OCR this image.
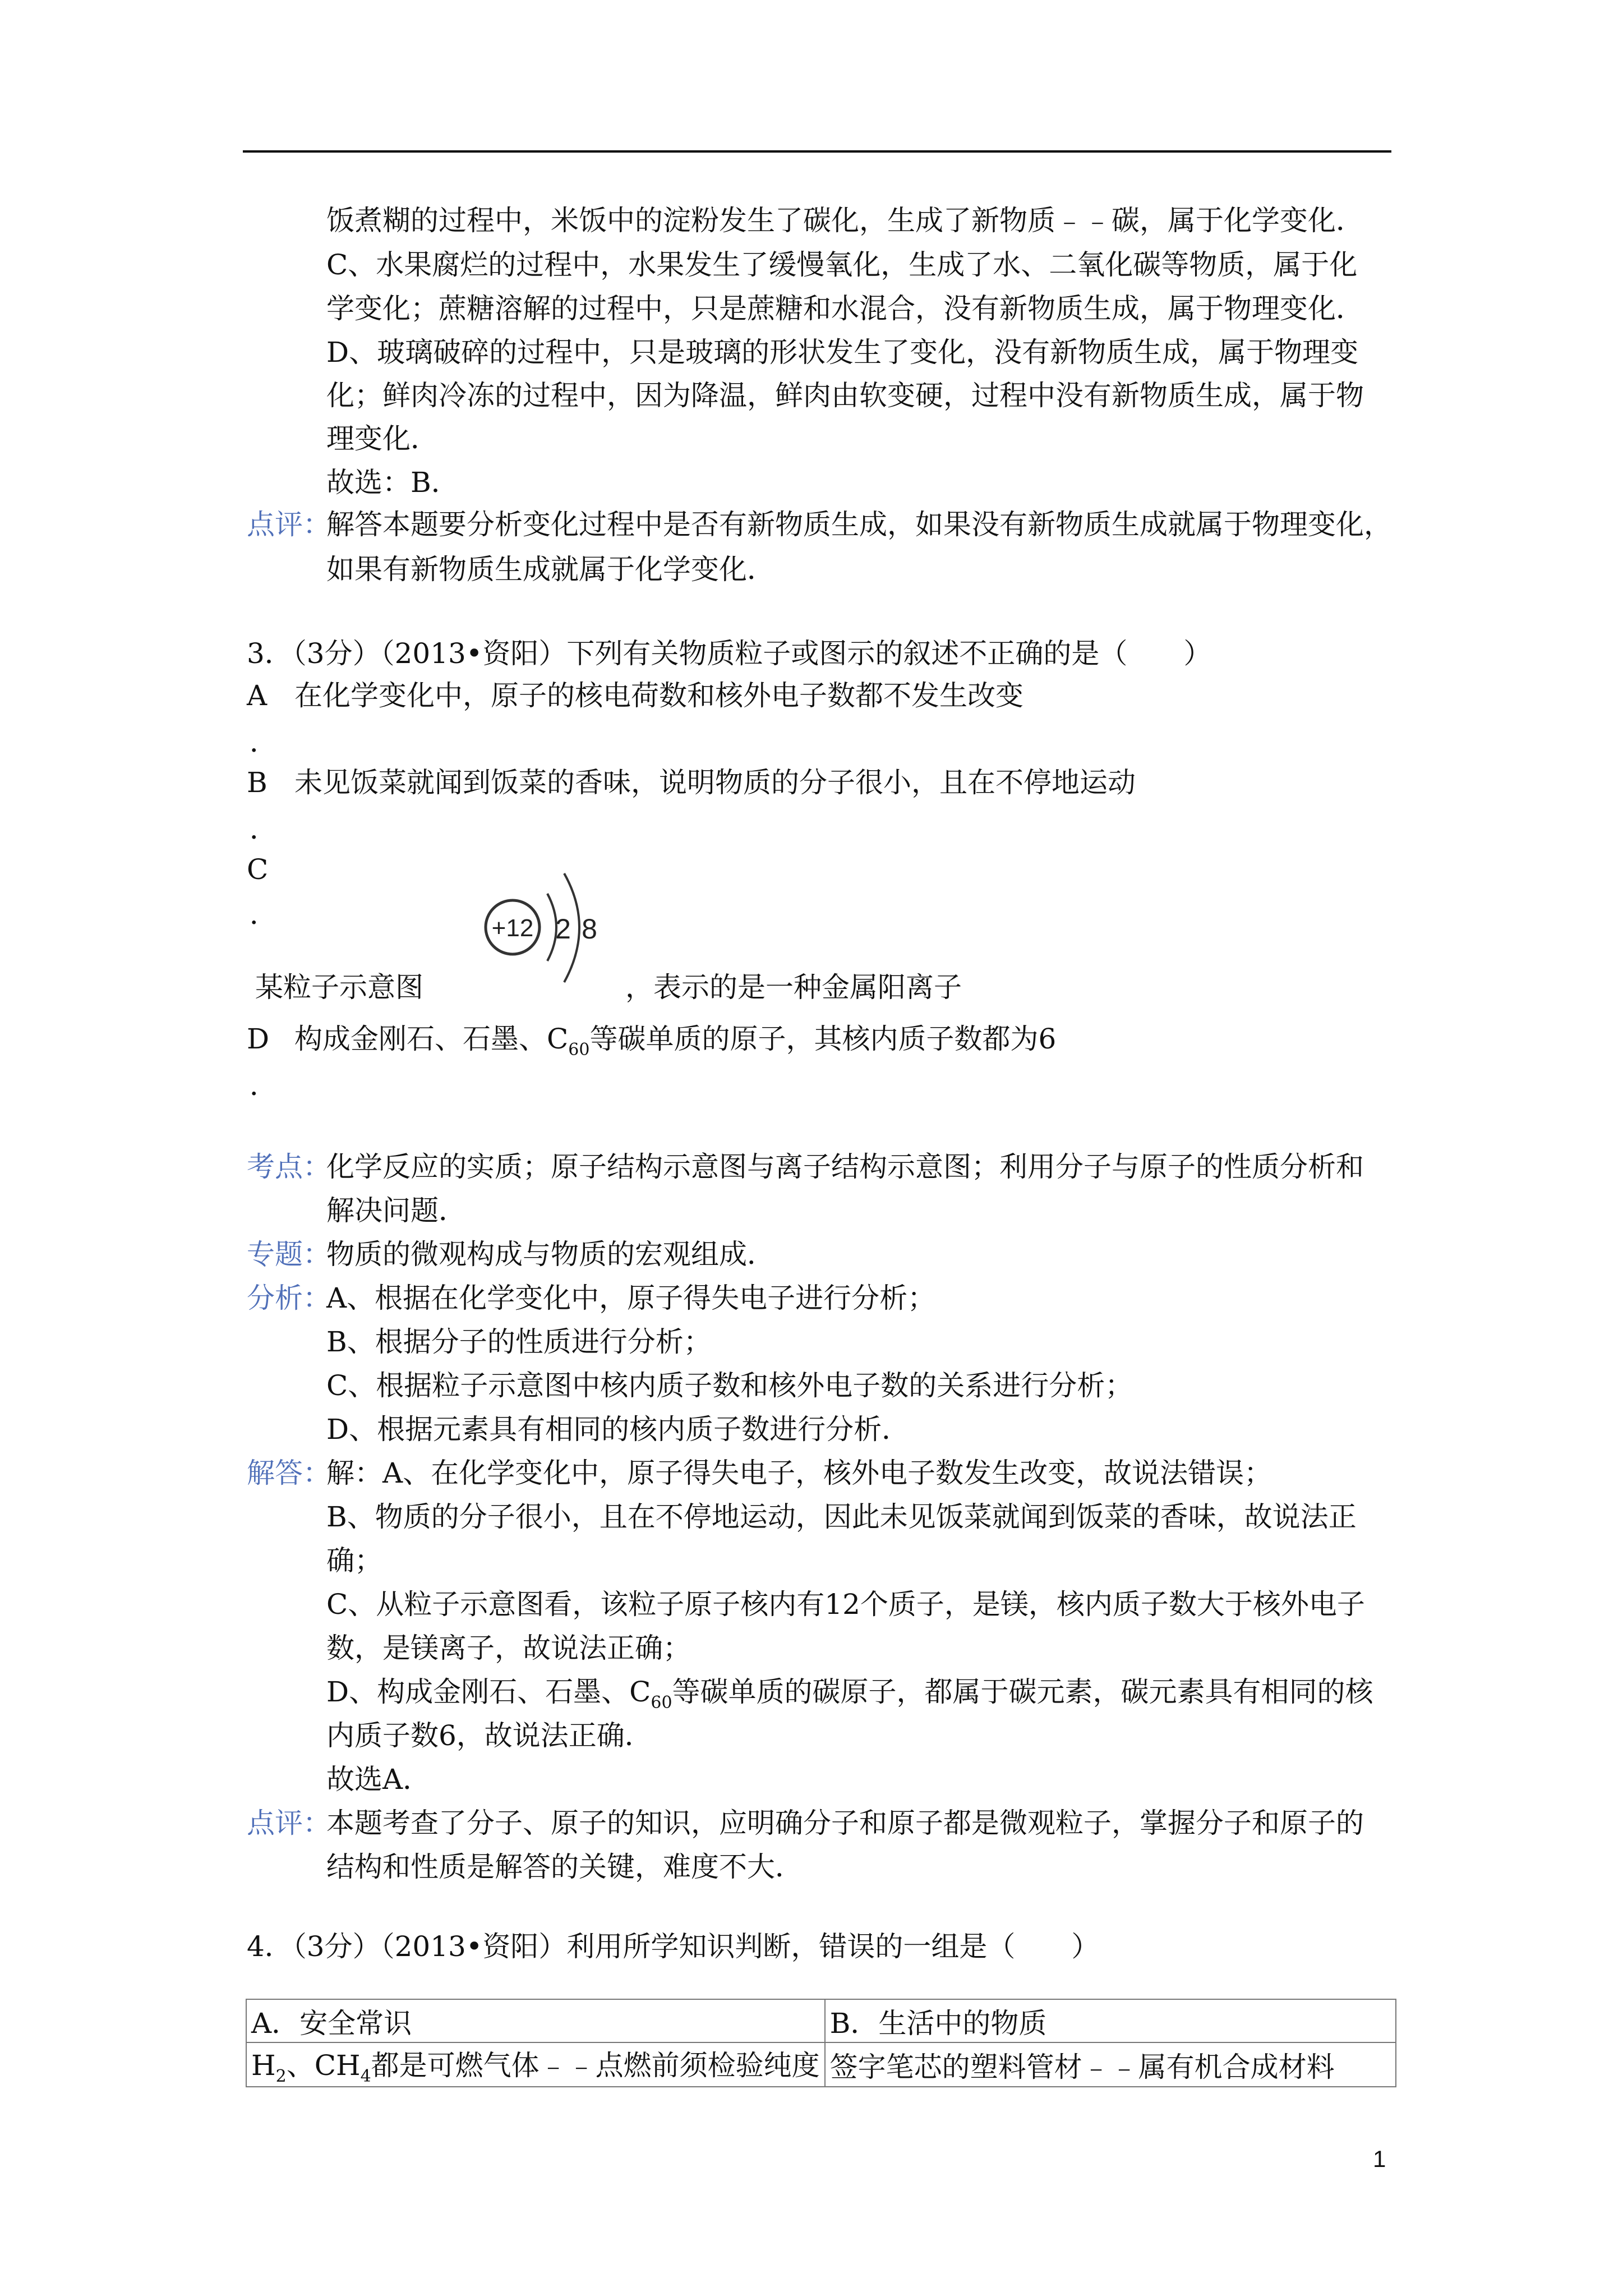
饭煮糊的过程中，米饭中的淀粉发生了碳化，生成了新物质﹣﹣碳，属于化学变化．
C、水果腐烂的过程中，水果发生了缓慢氧化，生成了水、二氧化碳等物质，属于化
学变化；蔗糖溶解的过程中，只是蔗糖和水混合，没有新物质生成，属于物理变化．
D、玻璃破碎的过程中，只是玻璃的形状发生了变化，没有新物质生成，属于物理变
化；鲜肉冷冻的过程中，因为降温，鲜肉由软变硬，过程中没有新物质生成，属于物
理变化．
故选：B．
点评：
解答本题要分析变化过程中是否有新物质生成，如果没有新物质生成就属于物理变化，
如果有新物质生成就属于化学变化．
3．（3分）（2013•资阳）下列有关物质粒子或图示的叙述不正确的是（　　）
A 在化学变化中，原子的核电荷数和核外电子数都不发生改变
．
B 未见饭菜就闻到饭菜的香味，说明物质的分子很小，且在不停地运动
．
C
．	+12 2 8
某粒子示意图	，表示的是一种金属阳离子
D 构成金刚石、石墨、$C_{60}$等碳单质的原子，其核内质子数都为6
．
考点：
化学反应的实质；原子结构示意图与离子结构示意图；利用分子与原子的性质分析和
解决问题．
专题：
物质的微观构成与物质的宏观组成．
分析：
A、根据在化学变化中，原子得失电子进行分析；
B、根据分子的性质进行分析；
C、根据粒子示意图中核内质子数和核外电子数的关系进行分析；
D、根据元素具有相同的核内质子数进行分析．
解答：
解：A、在化学变化中，原子得失电子，核外电子数发生改变，故说法错误；
B、物质的分子很小，且在不停地运动，因此未见饭菜就闻到饭菜的香味，故说法正
确；
C、从粒子示意图看，该粒子原子核内有12个质子，是镁，核内质子数大于核外电子
数，是镁离子，故说法正确；
D、构成金刚石、石墨、$C_{60}$等碳单质的碳原子，都属于碳元素，碳元素具有相同的核
内质子数6，故说法正确．
故选A．
点评：
本题考查了分子、原子的知识，应明确分子和原子都是微观粒子，掌握分子和原子的
结构和性质是解答的关键，难度不大．
4．（3分）（2013•资阳）利用所学知识判断，错误的一组是（　　）
A．安全常识	B．生活中的物质
$H_2$、$CH_4$都是可燃气体﹣﹣点燃前须检验纯度	签字笔芯的塑料管材﹣﹣属有机合成材料
1
